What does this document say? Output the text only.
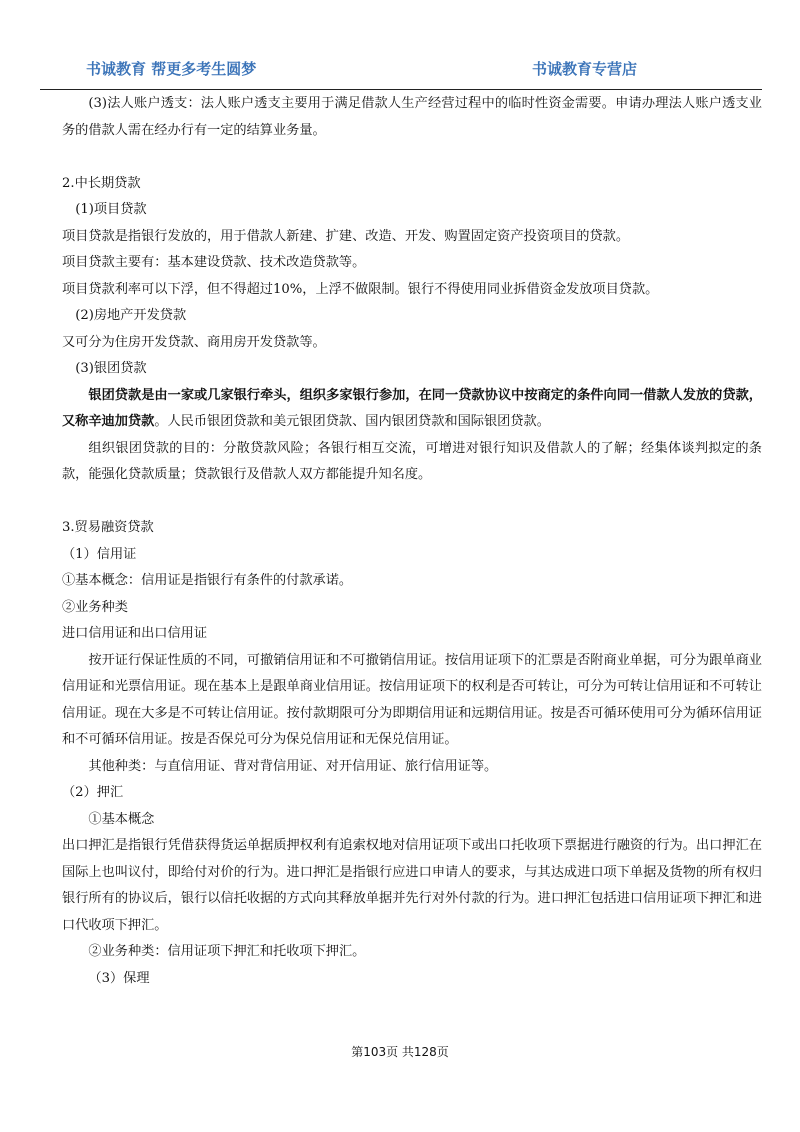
书诚教育 帮更多考生圆梦	书诚教育专营店

(3)法人账户透支：法人账户透支主要用于满足借款人生产经营过程中的临时性资金需要。申请办理法人账户透支业务的借款人需在经办行有一定的结算业务量。

2.中长期贷款

(1)项目贷款

项目贷款是指银行发放的，用于借款人新建、扩建、改造、开发、购置固定资产投资项目的贷款。

项目贷款主要有：基本建设贷款、技术改造贷款等。

项目贷款利率可以下浮，但不得超过10%，上浮不做限制。银行不得使用同业拆借资金发放项目贷款。

(2)房地产开发贷款

又可分为住房开发贷款、商用房开发贷款等。

(3)银团贷款

银团贷款是由一家或几家银行牵头，组织多家银行参加，在同一贷款协议中按商定的条件向同一借款人发放的贷款，又称辛迪加贷款。人民币银团贷款和美元银团贷款、国内银团贷款和国际银团贷款。

组织银团贷款的目的：分散贷款风险；各银行相互交流，可增进对银行知识及借款人的了解；经集体谈判拟定的条款，能强化贷款质量；贷款银行及借款人双方都能提升知名度。

3.贸易融资贷款

（1）信用证

①基本概念：信用证是指银行有条件的付款承诺。

②业务种类

进口信用证和出口信用证

按开证行保证性质的不同，可撤销信用证和不可撤销信用证。按信用证项下的汇票是否附商业单据，可分为跟单商业信用证和光票信用证。现在基本上是跟单商业信用证。按信用证项下的权利是否可转让，可分为可转让信用证和不可转让信用证。现在大多是不可转让信用证。按付款期限可分为即期信用证和远期信用证。按是否可循环使用可分为循环信用证和不可循环信用证。按是否保兑可分为保兑信用证和无保兑信用证。

其他种类：与直信用证、背对背信用证、对开信用证、旅行信用证等。

（2）押汇

①基本概念

出口押汇是指银行凭借获得货运单据质押权利有追索权地对信用证项下或出口托收项下票据进行融资的行为。出口押汇在国际上也叫议付，即给付对价的行为。进口押汇是指银行应进口申请人的要求，与其达成进口项下单据及货物的所有权归银行所有的协议后，银行以信托收据的方式向其释放单据并先行对外付款的行为。进口押汇包括进口信用证项下押汇和进口代收项下押汇。

②业务种类：信用证项下押汇和托收项下押汇。

（3）保理

第103页 共128页
